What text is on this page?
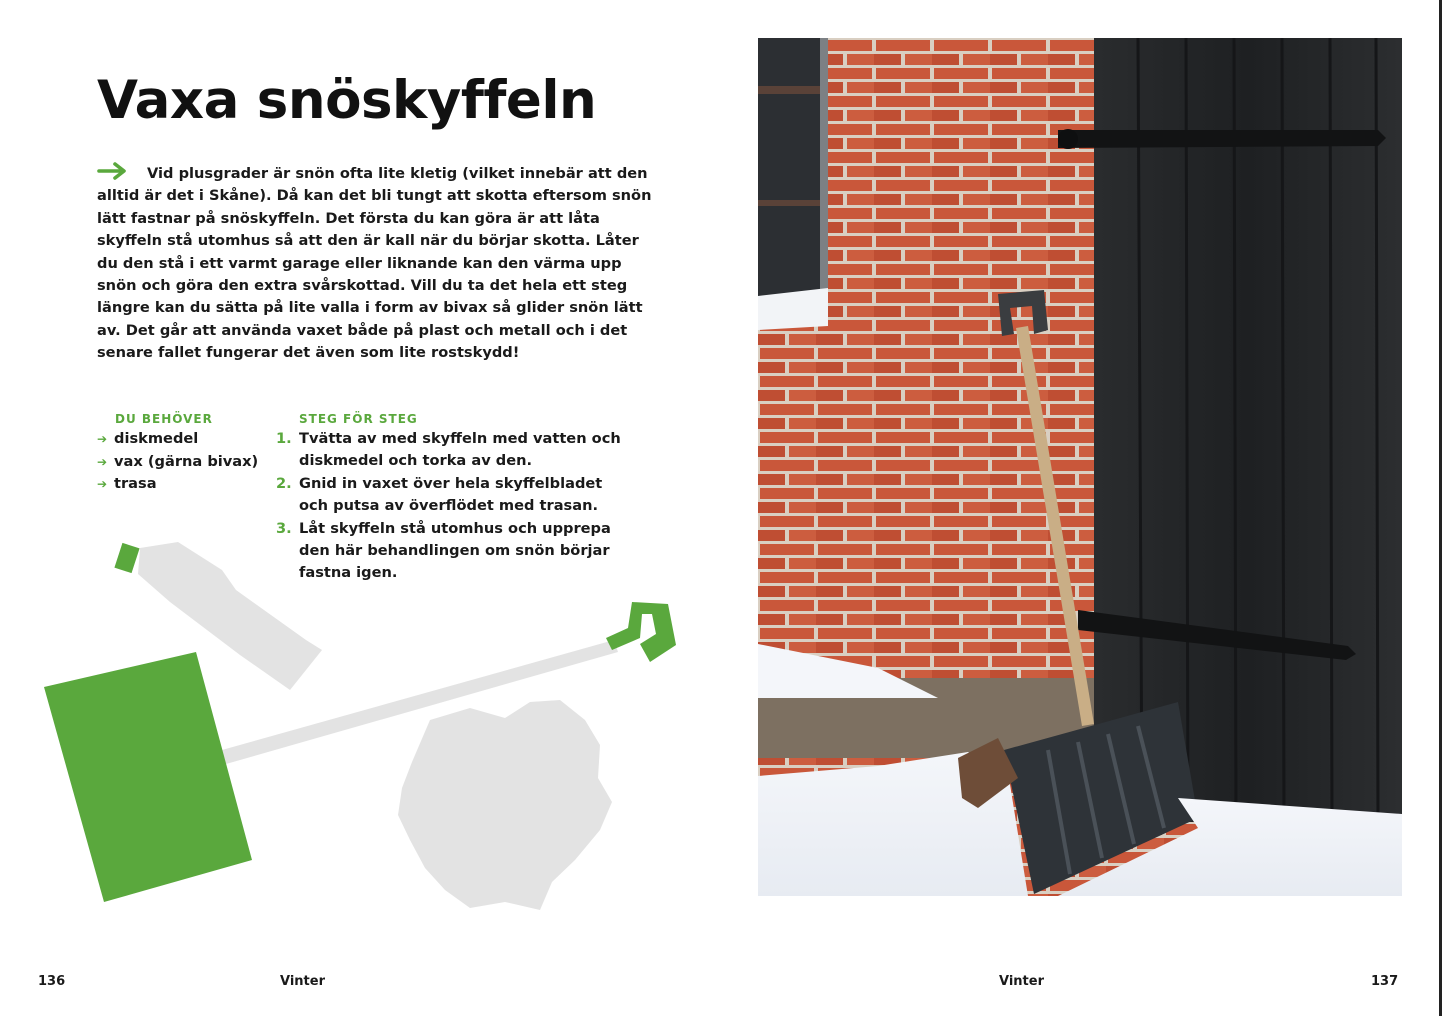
Vaxa snöskyffeln
Vid plusgrader är snön ofta lite kletig (vilket innebär att den alltid är det i Skåne). Då kan det bli tungt att skotta eftersom snön lätt fastnar på snöskyffeln. Det första du kan göra är att låta skyffeln stå utomhus så att den är kall när du börjar skotta. Låter du den stå i ett varmt garage eller liknande kan den värma upp snön och göra den extra svårskottad. Vill du ta det hela ett steg längre kan du sätta på lite valla i form av bivax så glider snön lätt av. Det går att använda vaxet både på plast och metall och i det senare fallet fungerar det även som lite rostskydd!
DU BEHÖVER
➔ diskmedel
➔ vax (gärna bivax)
➔ trasa
STEG FÖR STEG
1. Tvätta av med skyffeln med vatten och diskmedel och torka av den.
2. Gnid in vaxet över hela skyffelbladet och putsa av överflödet med trasan.
3. Låt skyffeln stå utomhus och upprepa den här behandlingen om snön börjar fastna igen.
136	Vinter	Vinter	137
